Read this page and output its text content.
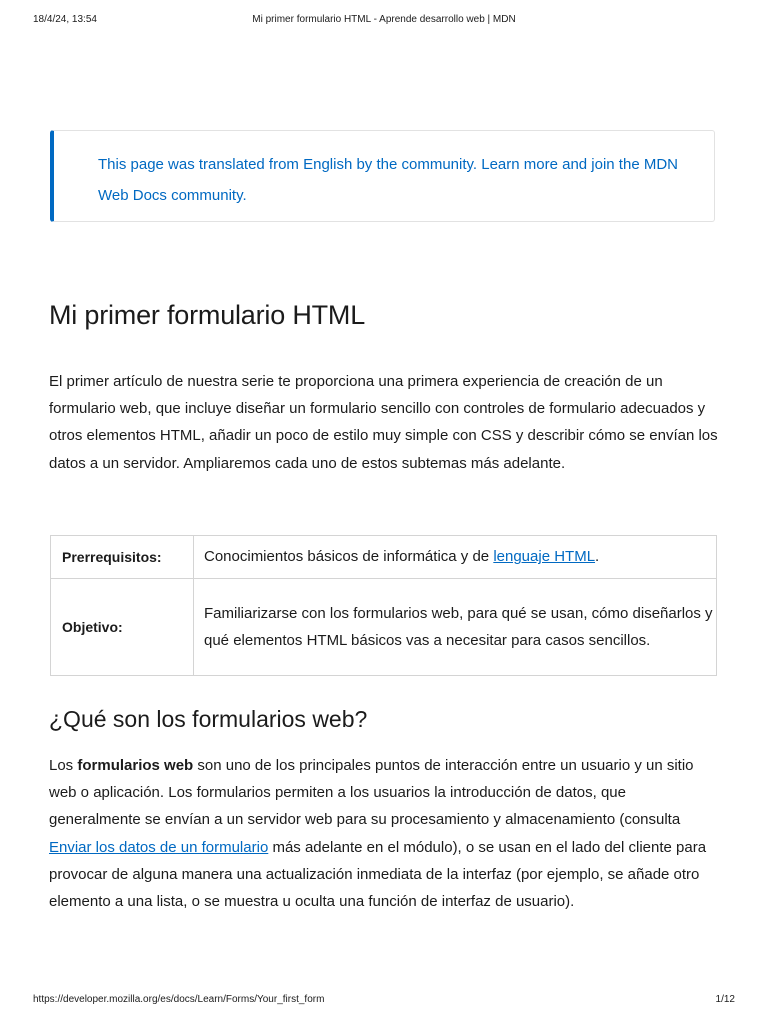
18/4/24, 13:54	Mi primer formulario HTML - Aprende desarrollo web | MDN
This page was translated from English by the community. Learn more and join the MDN Web Docs community.
Mi primer formulario HTML

El primer artículo de nuestra serie te proporciona una primera experiencia de creación de un formulario web, que incluye diseñar un formulario sencillo con controles de formulario adecuados y otros elementos HTML, añadir un poco de estilo muy simple con CSS y describir cómo se envían los datos a un servidor. Ampliaremos cada uno de estos subtemas más adelante.

Prerrequisitos:	Conocimientos básicos de informática y de lenguaje HTML.
Objetivo:	Familiarizarse con los formularios web, para qué se usan, cómo diseñarlos y qué elementos HTML básicos vas a necesitar para casos sencillos.
¿Qué son los formularios web?

Los formularios web son uno de los principales puntos de interacción entre un usuario y un sitio web o aplicación. Los formularios permiten a los usuarios la introducción de datos, que generalmente se envían a un servidor web para su procesamiento y almacenamiento (consulta Enviar los datos de un formulario más adelante en el módulo), o se usan en el lado del cliente para provocar de alguna manera una actualización inmediata de la interfaz (por ejemplo, se añade otro elemento a una lista, o se muestra u oculta una función de interfaz de usuario).

https://developer.mozilla.org/es/docs/Learn/Forms/Your_first_form	1/12
